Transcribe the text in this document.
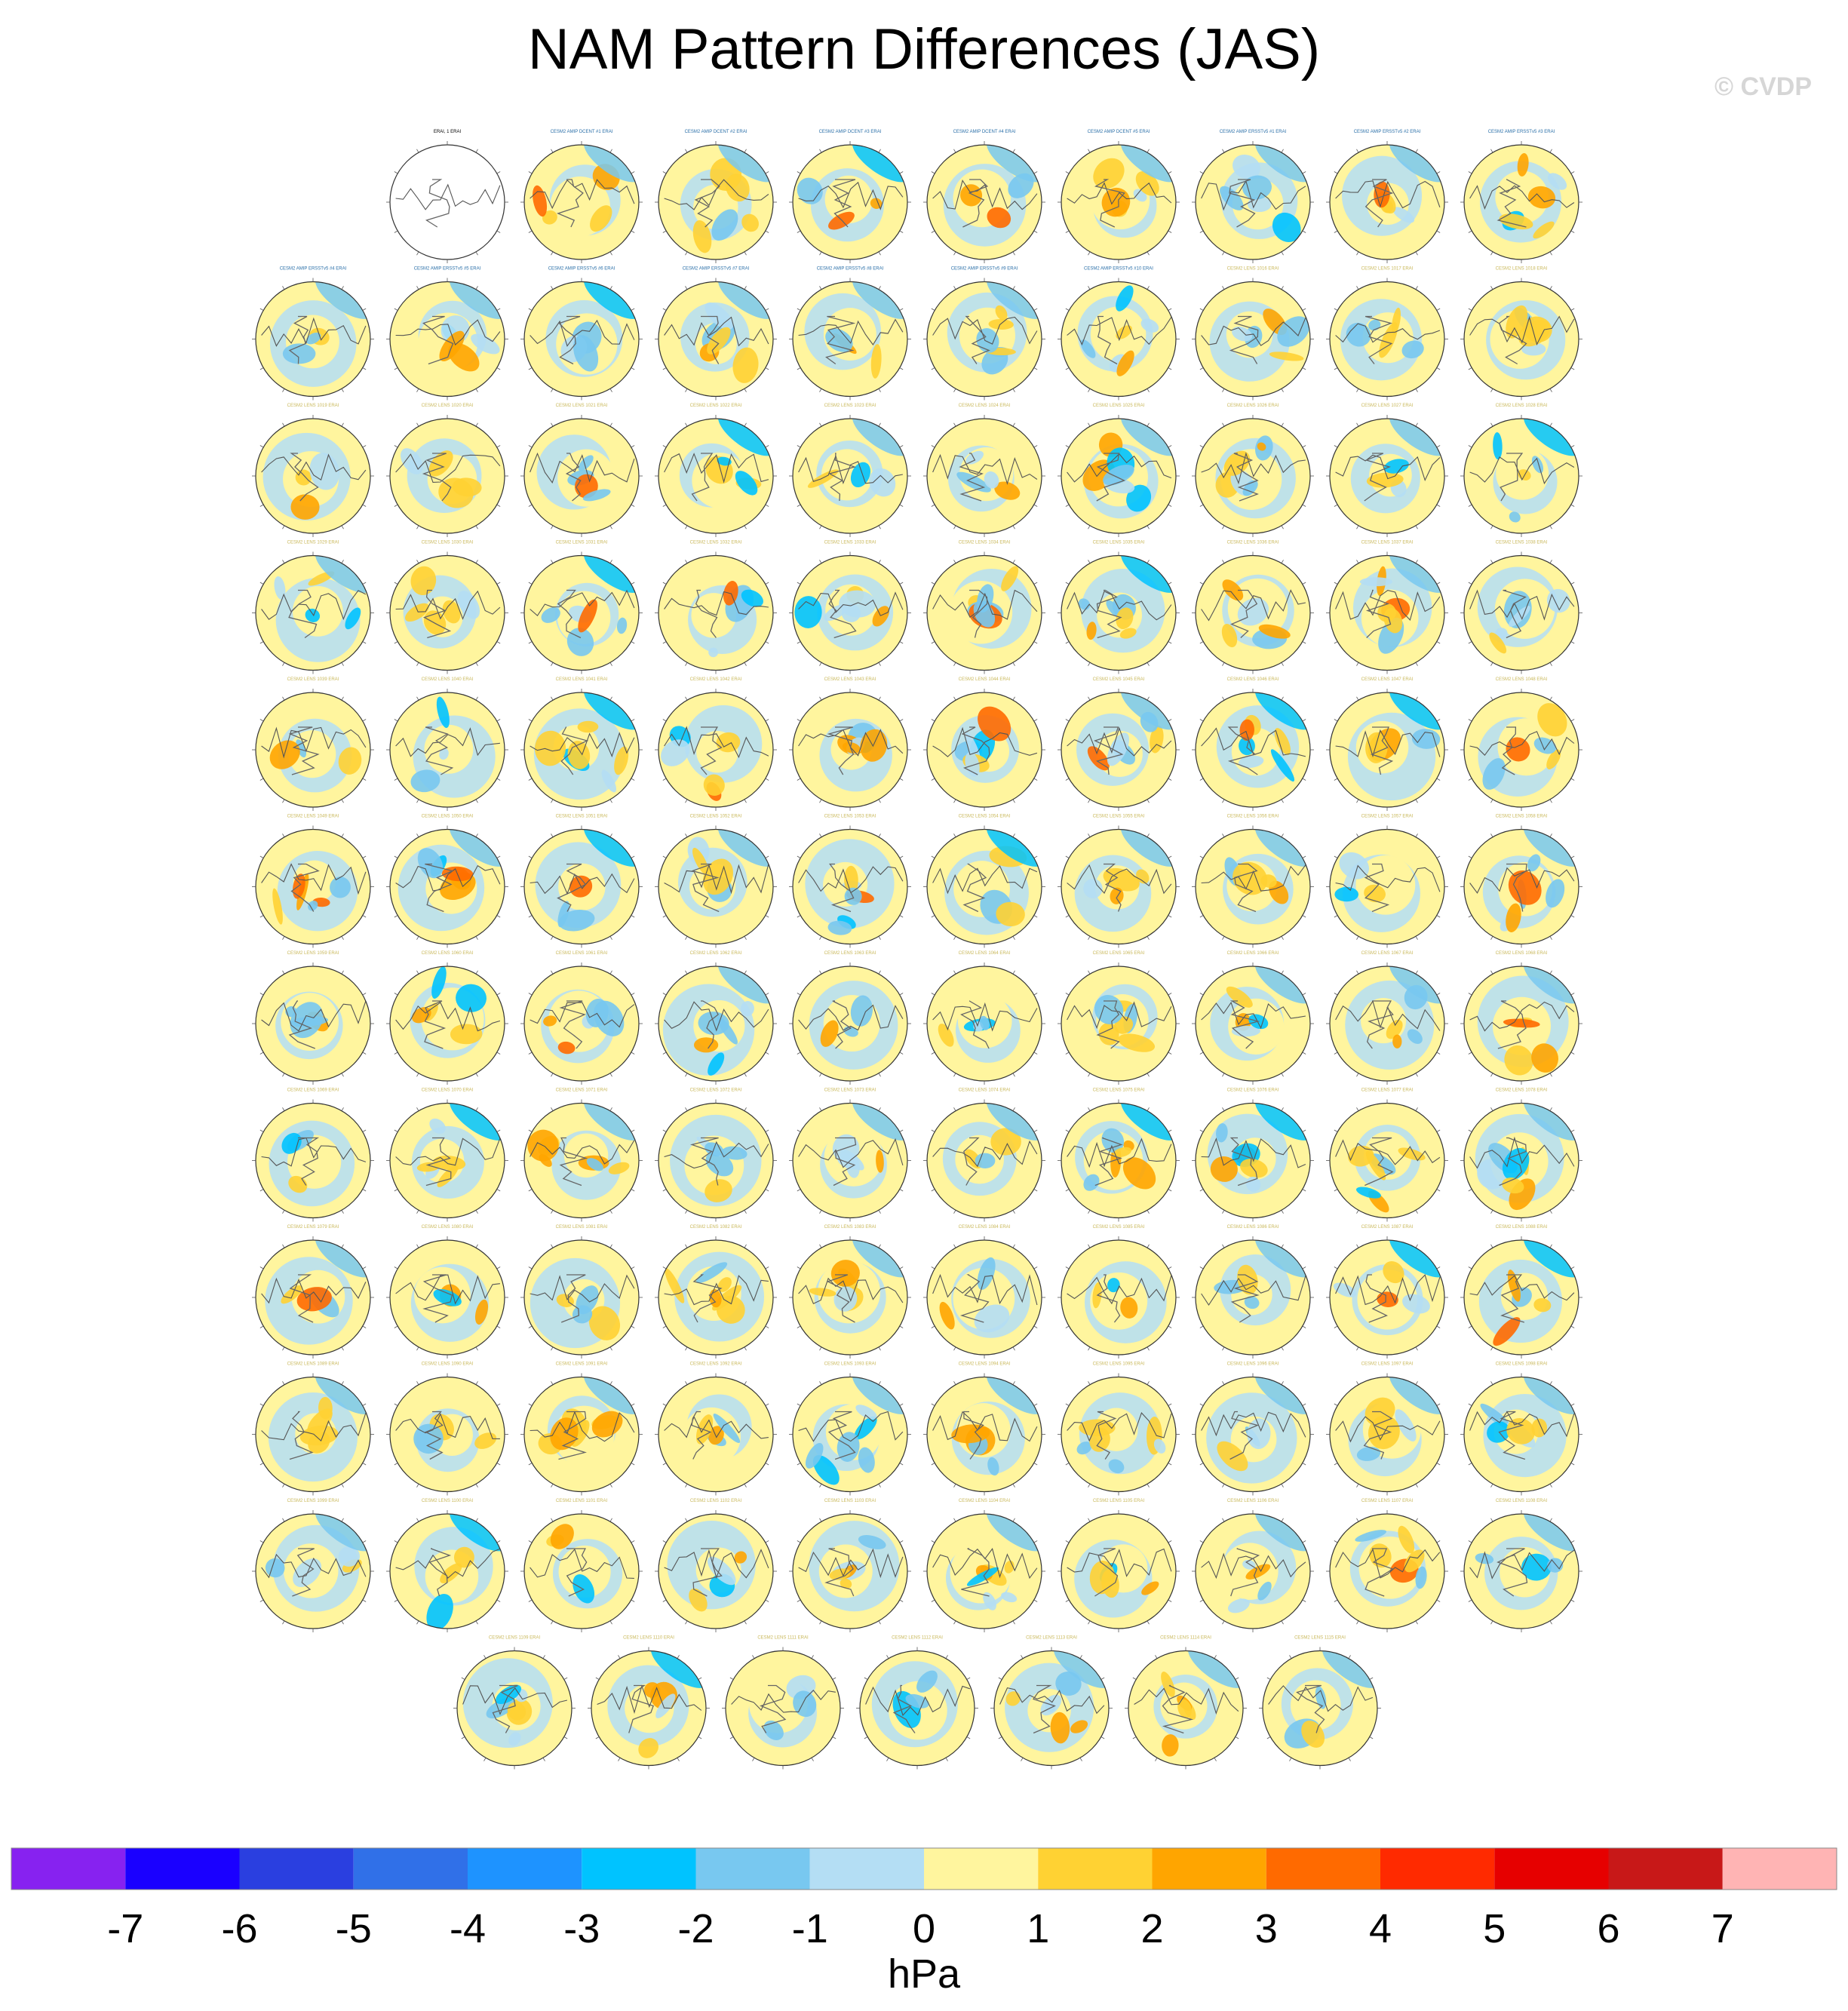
NAM Pattern Differences (JAS)
© CVDP
ERAI, 1 ERAI	CESM2 AMIP DCENT #1 ERAI	CESM2 AMIP DCENT #2 ERAI	CESM2 AMIP DCENT #3 ERAI	CESM2 AMIP DCENT #4 ERAI	CESM2 AMIP DCENT #5 ERAI	CESM2 AMIP ERSSTv5 #1 ERAI	CESM2 AMIP ERSSTv5 #2 ERAI	CESM2 AMIP ERSSTv5 #3 ERAI
CESM2 AMIP ERSSTv5 #4 ERAI	CESM2 AMIP ERSSTv5 #5 ERAI	CESM2 AMIP ERSSTv5 #6 ERAI	CESM2 AMIP ERSSTv5 #7 ERAI	CESM2 AMIP ERSSTv5 #8 ERAI	CESM2 AMIP ERSSTv5 #9 ERAI	CESM2 AMIP ERSSTv5 #10 ERAI	CESM2 LENS 1016 ERAI	CESM2 LENS 1017 ERAI	CESM2 LENS 1018 ERAI
CESM2 LENS 1019 ERAI	CESM2 LENS 1020 ERAI	CESM2 LENS 1021 ERAI	CESM2 LENS 1022 ERAI	CESM2 LENS 1023 ERAI	CESM2 LENS 1024 ERAI	CESM2 LENS 1025 ERAI	CESM2 LENS 1026 ERAI	CESM2 LENS 1027 ERAI	CESM2 LENS 1028 ERAI
CESM2 LENS 1029 ERAI	CESM2 LENS 1030 ERAI	CESM2 LENS 1031 ERAI	CESM2 LENS 1032 ERAI	CESM2 LENS 1033 ERAI	CESM2 LENS 1034 ERAI	CESM2 LENS 1035 ERAI	CESM2 LENS 1036 ERAI	CESM2 LENS 1037 ERAI	CESM2 LENS 1038 ERAI
CESM2 LENS 1039 ERAI	CESM2 LENS 1040 ERAI	CESM2 LENS 1041 ERAI	CESM2 LENS 1042 ERAI	CESM2 LENS 1043 ERAI	CESM2 LENS 1044 ERAI	CESM2 LENS 1045 ERAI	CESM2 LENS 1046 ERAI	CESM2 LENS 1047 ERAI	CESM2 LENS 1048 ERAI
CESM2 LENS 1049 ERAI	CESM2 LENS 1050 ERAI	CESM2 LENS 1051 ERAI	CESM2 LENS 1052 ERAI	CESM2 LENS 1053 ERAI	CESM2 LENS 1054 ERAI	CESM2 LENS 1055 ERAI	CESM2 LENS 1056 ERAI	CESM2 LENS 1057 ERAI	CESM2 LENS 1058 ERAI
CESM2 LENS 1059 ERAI	CESM2 LENS 1060 ERAI	CESM2 LENS 1061 ERAI	CESM2 LENS 1062 ERAI	CESM2 LENS 1063 ERAI	CESM2 LENS 1064 ERAI	CESM2 LENS 1065 ERAI	CESM2 LENS 1066 ERAI	CESM2 LENS 1067 ERAI	CESM2 LENS 1068 ERAI
CESM2 LENS 1069 ERAI	CESM2 LENS 1070 ERAI	CESM2 LENS 1071 ERAI	CESM2 LENS 1072 ERAI	CESM2 LENS 1073 ERAI	CESM2 LENS 1074 ERAI	CESM2 LENS 1075 ERAI	CESM2 LENS 1076 ERAI	CESM2 LENS 1077 ERAI	CESM2 LENS 1078 ERAI
CESM2 LENS 1079 ERAI	CESM2 LENS 1080 ERAI	CESM2 LENS 1081 ERAI	CESM2 LENS 1082 ERAI	CESM2 LENS 1083 ERAI	CESM2 LENS 1084 ERAI	CESM2 LENS 1085 ERAI	CESM2 LENS 1086 ERAI	CESM2 LENS 1087 ERAI	CESM2 LENS 1088 ERAI
CESM2 LENS 1089 ERAI	CESM2 LENS 1090 ERAI	CESM2 LENS 1091 ERAI	CESM2 LENS 1092 ERAI	CESM2 LENS 1093 ERAI	CESM2 LENS 1094 ERAI	CESM2 LENS 1095 ERAI	CESM2 LENS 1096 ERAI	CESM2 LENS 1097 ERAI	CESM2 LENS 1098 ERAI
CESM2 LENS 1099 ERAI	CESM2 LENS 1100 ERAI	CESM2 LENS 1101 ERAI	CESM2 LENS 1102 ERAI	CESM2 LENS 1103 ERAI	CESM2 LENS 1104 ERAI	CESM2 LENS 1105 ERAI	CESM2 LENS 1106 ERAI	CESM2 LENS 1107 ERAI	CESM2 LENS 1108 ERAI
CESM2 LENS 1109 ERAI	CESM2 LENS 1110 ERAI	CESM2 LENS 1111 ERAI	CESM2 LENS 1112 ERAI	CESM2 LENS 1113 ERAI	CESM2 LENS 1114 ERAI	CESM2 LENS 1115 ERAI
-7 -6 -5 -4 -3 -2 -1 0 1 2 3 4 5 6 7
hPa
